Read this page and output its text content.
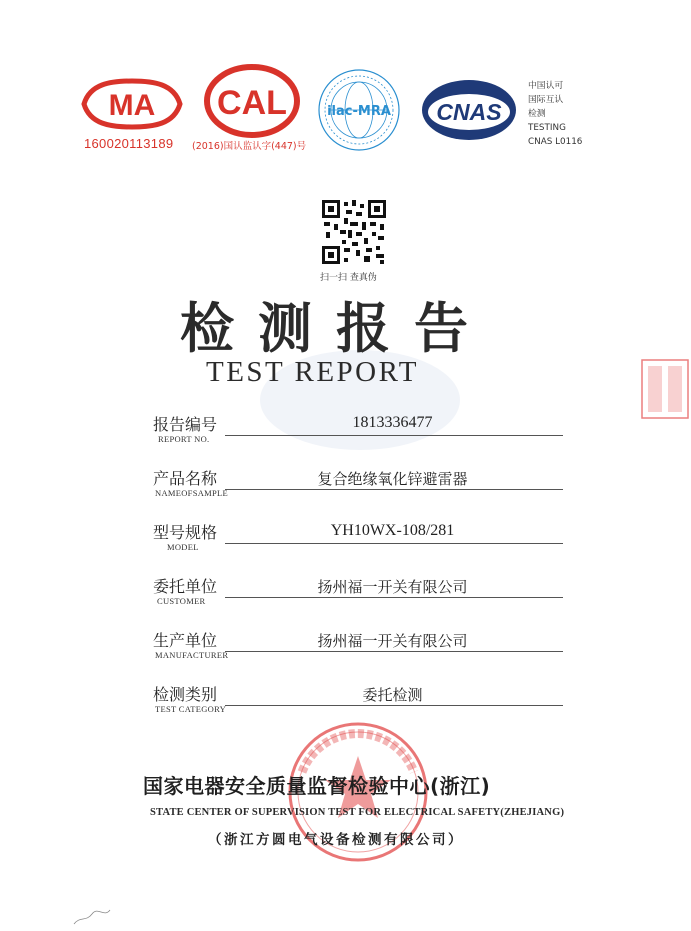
MA
160020113189
CAL
(2016)国认监认字(447)号
ilac-MRA CNAS
中国认可
国际互认
检测
TESTING
CNAS L0116
扫一扫 查真伪
检测报告
TEST REPORT
报告编号
REPORT NO.
1813336477
产品名称
NAMEOFSAMPLE
复合绝缘氧化锌避雷器
型号规格
MODEL
YH10WX-108/281
委托单位
CUSTOMER
扬州福一开关有限公司
生产单位
MANUFACTURER
扬州福一开关有限公司
检测类别
TEST CATEGORY
委托检测
国家电器安全质量监督检验中心(浙江)
STATE CENTER OF SUPERVISION TEST FOR ELECTRICAL SAFETY(ZHEJIANG)
（浙江方圆电气设备检测有限公司）
